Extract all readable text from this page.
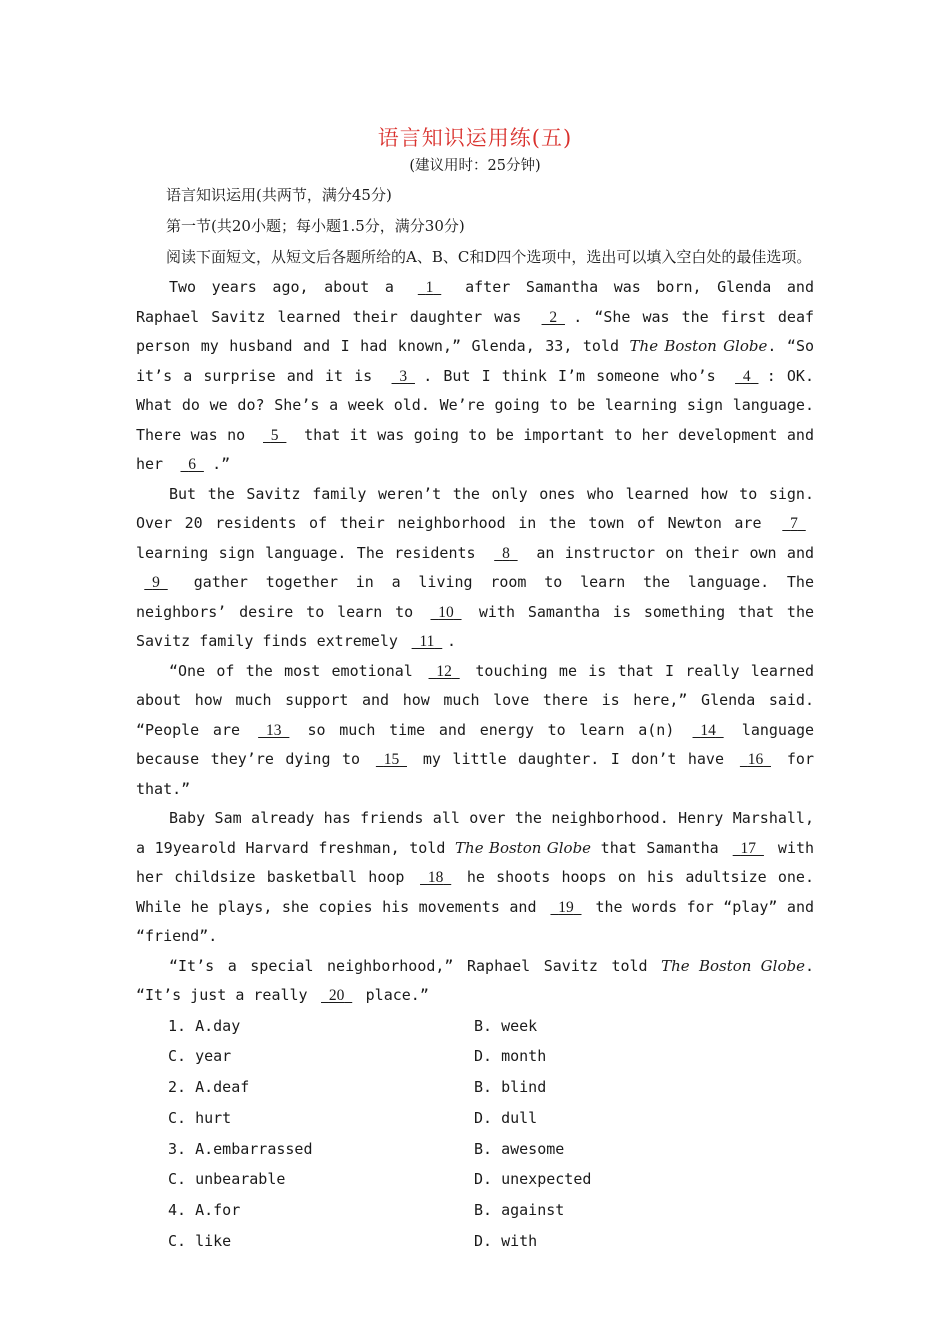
语言知识运用练(五)
(建议用时：25分钟)

语言知识运用(共两节，满分45分)

第一节(共20小题；每小题1.5分，满分30分)

阅读下面短文，从短文后各题所给的A、B、C和D四个选项中，选出可以填入空白处的最佳选项。

Two years ago, about a 1 after Samantha was born, Glenda and Raphael Savitz learned their daughter was 2 . “She was the first deaf person my husband and I had known,” Glenda, 33, told The Boston Globe. “So it’s a surprise and it is 3 . But I think I’m someone who’s 4 : OK. What do we do? She’s a week old. We’re going to be learning sign language. There was no 5 that it was going to be important to her development and her 6 .”

But the Savitz family weren’t the only ones who learned how to sign. Over 20 residents of their neighborhood in the town of Newton are 7 learning sign language. The residents 8 an instructor on their own and 9 gather together in a living room to learn the language. The neighbors’ desire to learn to 10 with Samantha is something that the Savitz family finds extremely 11 .

“One of the most emotional 12 touching me is that I really learned about how much support and how much love there is here,” Glenda said. “People are 13 so much time and energy to learn a(n) 14 language because they’re dying to 15 my little daughter. I don’t have 16 for that.”

Baby Sam already has friends all over the neighborhood. Henry Marshall, a 19yearold Harvard freshman, told The Boston Globe that Samantha 17 with her childsize basketball hoop 18 he shoots hoops on his adultsize one. While he plays, she copies his movements and 19 the words for “play” and “friend”.

“It’s a special neighborhood,” Raphael Savitz told The Boston Globe. “It’s just a really 20 place.”

1. A.day	B. week
C. year	D. month
2. A.deaf	B. blind
C. hurt	D. dull
3. A.embarrassed	B. awesome
C. unbearable	D. unexpected
4. A.for	B. against
C. like	D. with
